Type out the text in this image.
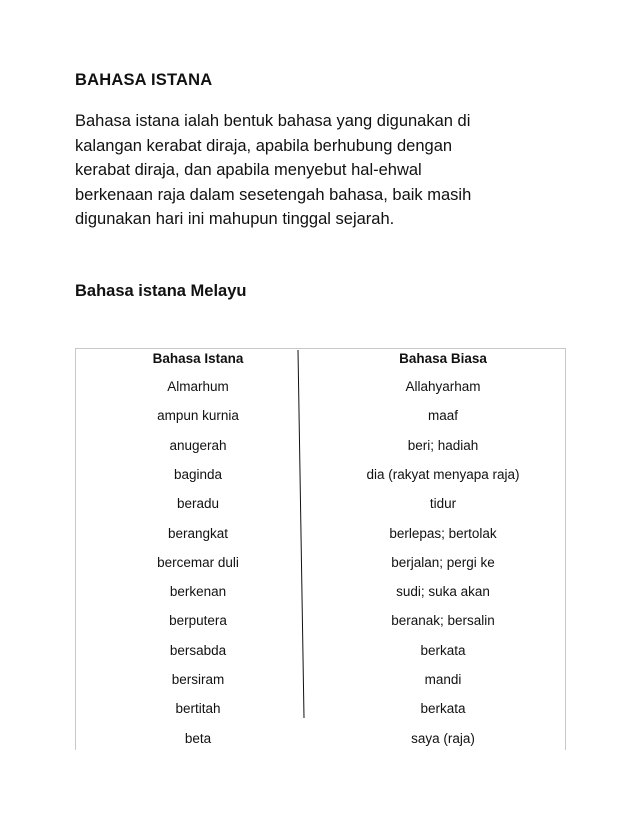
BAHASA ISTANA
Bahasa istana ialah bentuk bahasa yang digunakan di
kalangan kerabat diraja, apabila berhubung dengan
kerabat diraja, dan apabila menyebut hal-ehwal
berkenaan raja dalam sesetengah bahasa, baik masih
digunakan hari ini mahupun tinggal sejarah.
Bahasa istana Melayu
Bahasa Istana	Bahasa Biasa
Almarhum	Allahyarham
ampun kurnia	maaf
anugerah	beri; hadiah
baginda	dia (rakyat menyapa raja)
beradu	tidur
berangkat	berlepas; bertolak
bercemar duli	berjalan; pergi ke
berkenan	sudi; suka akan
berputera	beranak; bersalin
bersabda	berkata
bersiram	mandi
bertitah	berkata
beta	saya (raja)
